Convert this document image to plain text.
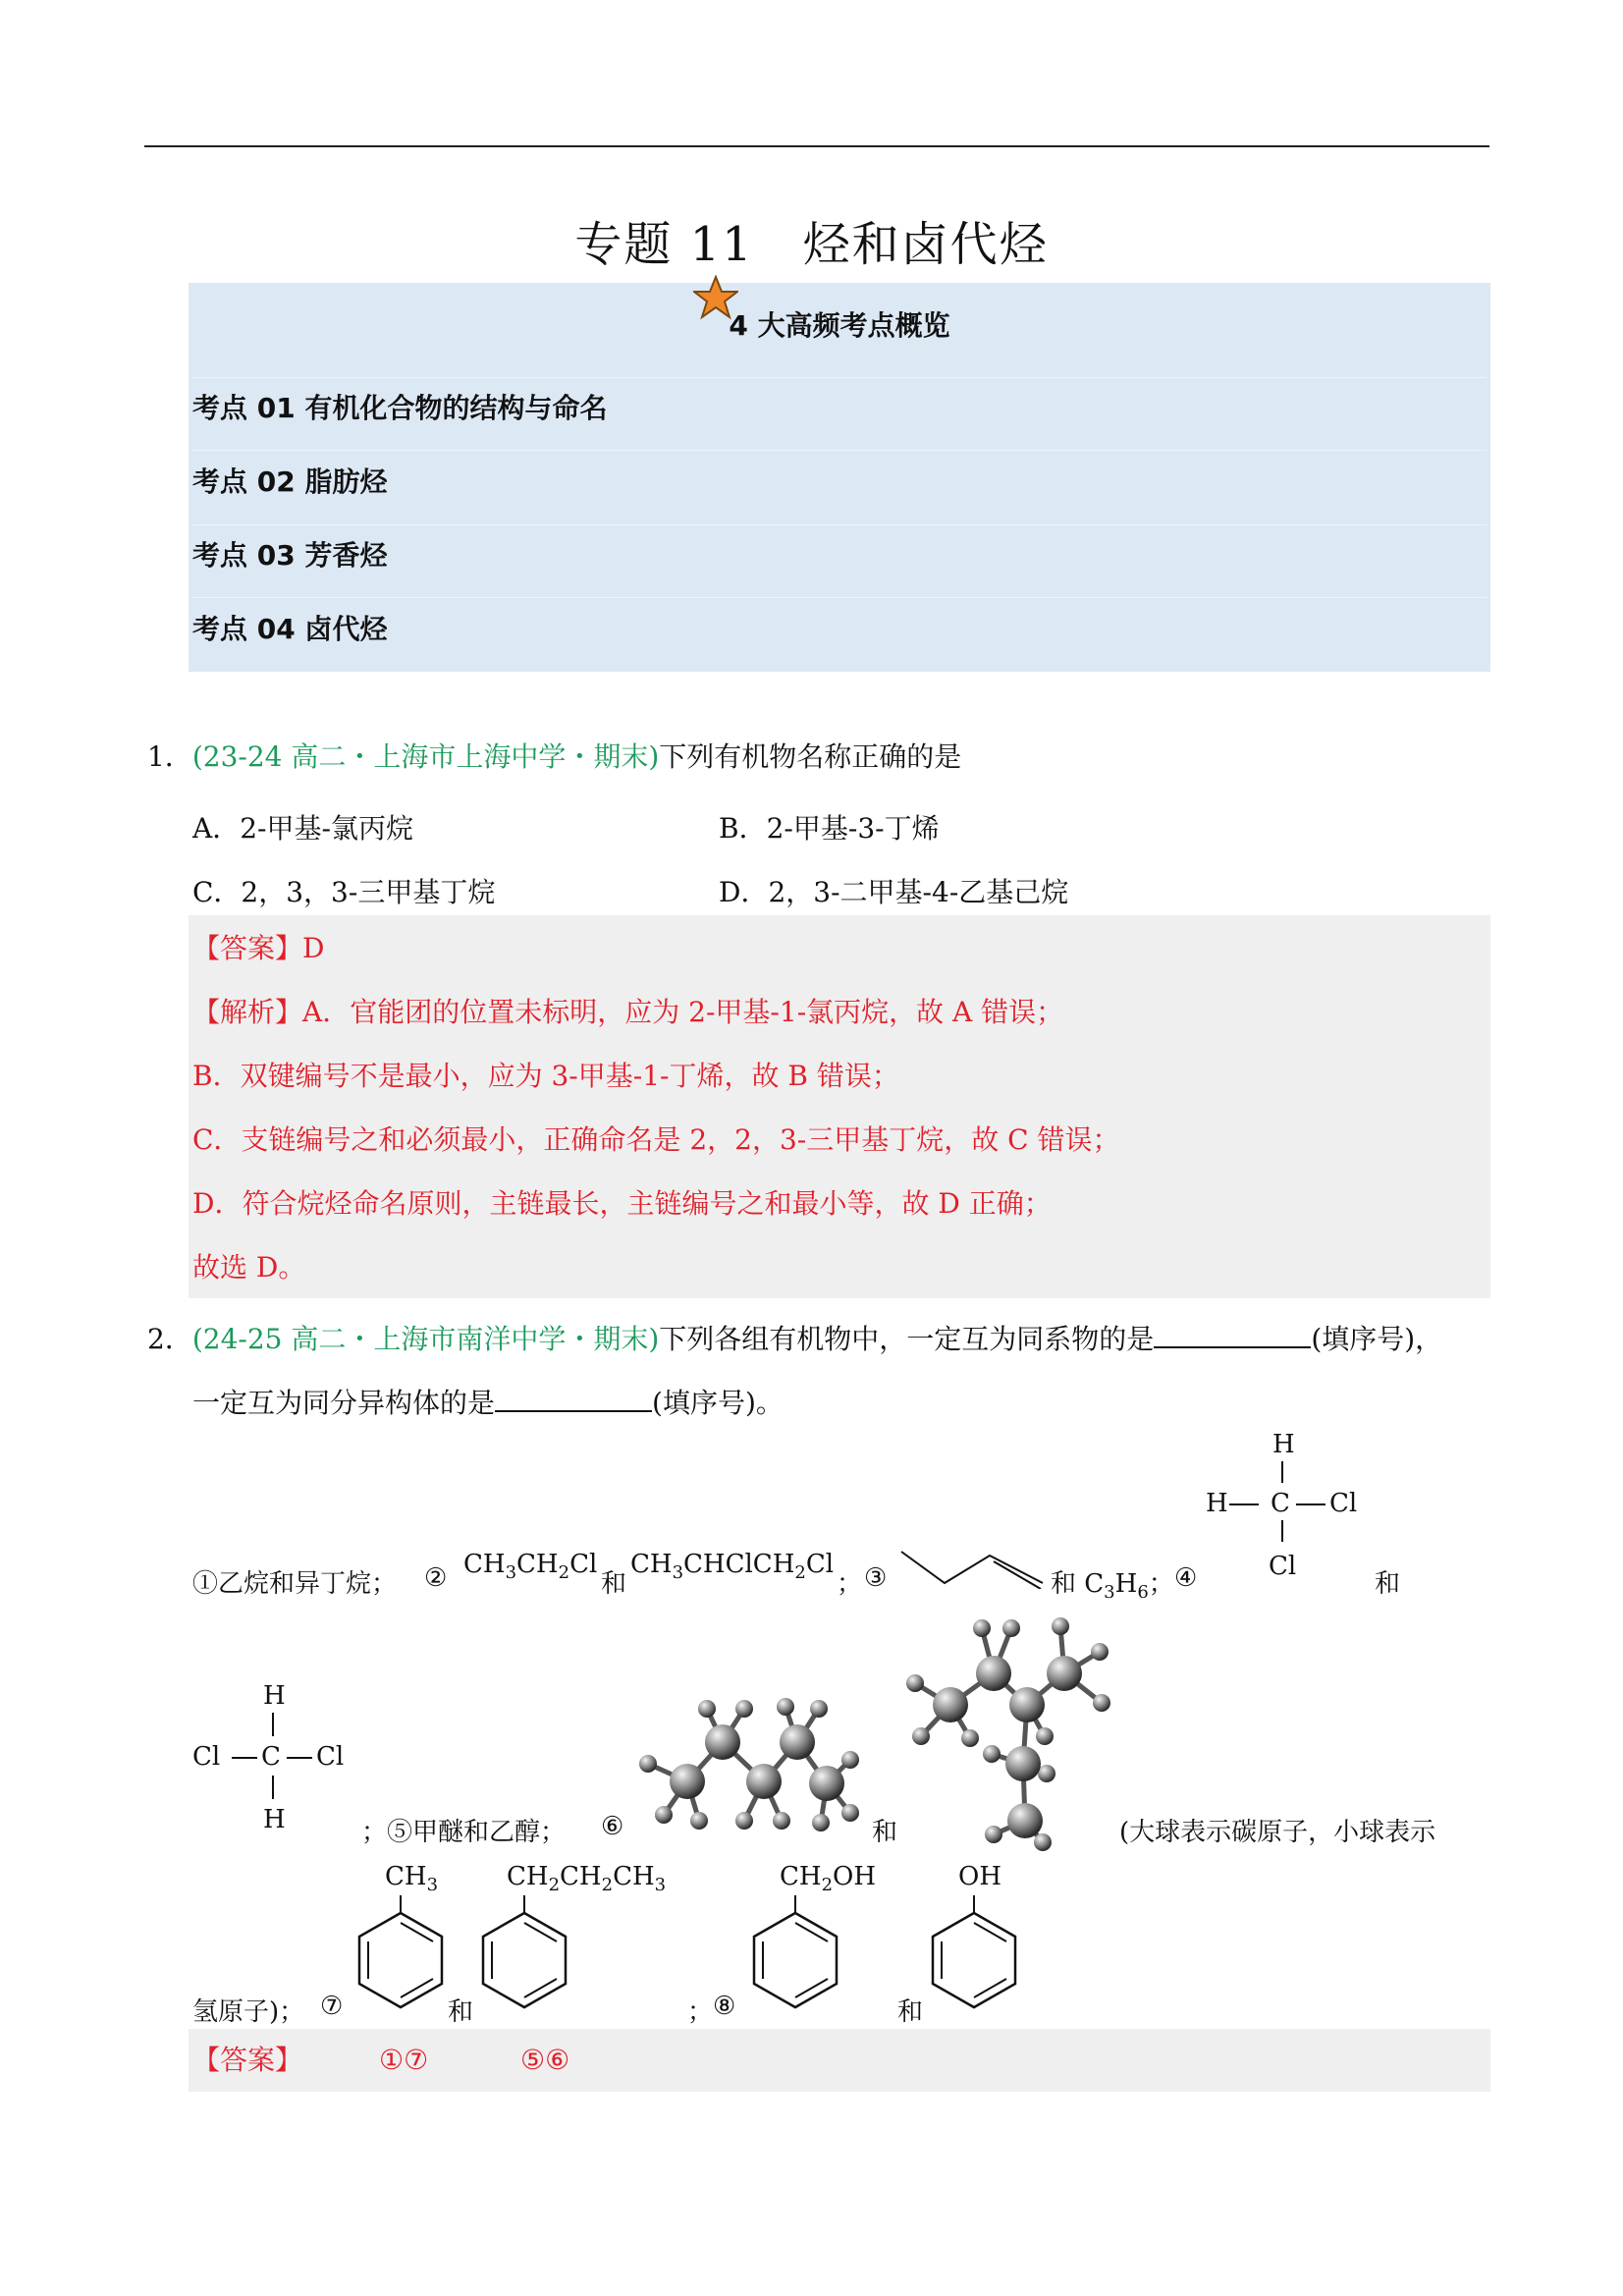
专题 11　烃和卤代烃
4 大高频考点概览
考点 01 有机化合物的结构与命名
考点 02 脂肪烃
考点 03 芳香烃
考点 04 卤代烃
1．(23-24 高二・上海市上海中学・期末)下列有机物名称正确的是
A．2-甲基-氯丙烷	B．2-甲基-3-丁烯
C．2，3，3-三甲基丁烷	D．2，3-二甲基-4-乙基己烷
【答案】D
【解析】A．官能团的位置未标明，应为 2-甲基-1-氯丙烷，故 A 错误；
B．双键编号不是最小，应为 3-甲基-1-丁烯，故 B 错误；
C．支链编号之和必须最小，正确命名是 2，2，3-三甲基丁烷，故 C 错误；
D．符合烷烃命名原则，主链最长，主链编号之和最小等，故 D 正确；
故选 D。
2．(24-25 高二・上海市南洋中学・期末)下列各组有机物中，一定互为同系物的是	(填序号)，
一定互为同分异构体的是	(填序号)。
①乙烷和异丁烷； ② $CH_3CH_2Cl$
和
$CH_3CHClCH_2Cl$
； ③	和 $C_3H_6$； ④
H
H C Cl
Cl
和
H
Cl C Cl
H	；⑤甲醚和乙醇； ⑥	和	(大球表示碳原子，小球表示
氢原子)； ⑦
$CH_3$
和
$CH_2CH_2CH_3$
； ⑧
$CH_2OH$
和
OH
【答案】	①⑦	⑤⑥
